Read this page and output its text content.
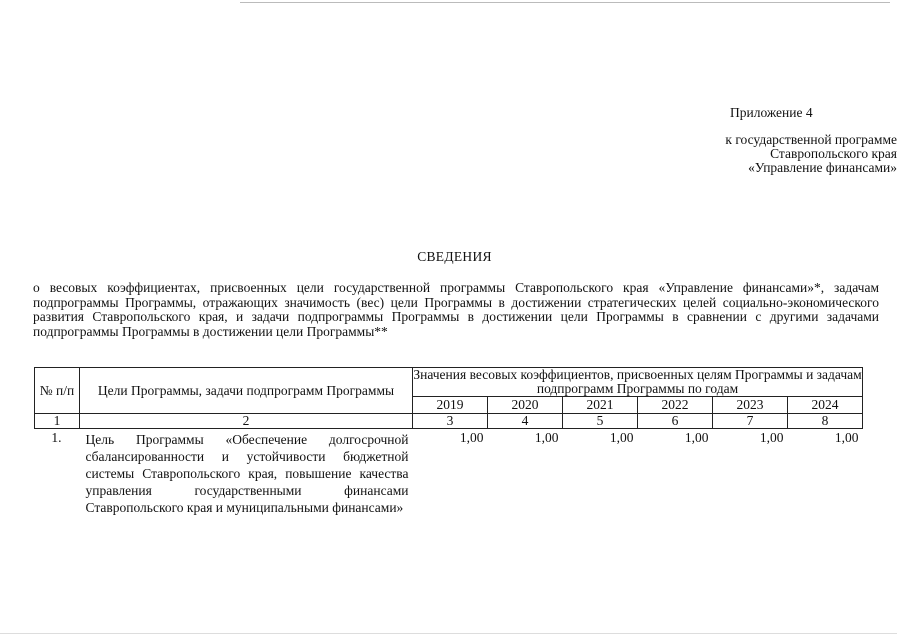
Приложение 4
к государственной программе
Ставропольского края
«Управление финансами»
СВЕДЕНИЯ
о весовых коэффициентах, присвоенных цели государственной программы Ставропольского края «Управление финансами»*, задачам подпрограммы Программы, отражающих значимость (вес) цели Программы в достижении стратегических целей социально-экономического развития Ставропольского края, и задачи подпрограммы Программы в достижении цели Программы в сравнении с другими задачами подпрограммы Программы в достижении цели Программы**
№ п/п	Цели Программы, задачи подпрограмм Программы	Значения весовых коэффициентов, присвоенных целям Программы и задачам подпрограмм Программы по годам					
		2019	2020	2021	2022	2023	2024
1	2	3	4	5	6	7	8
1.	Цель Программы «Обеспечение долгосрочной сбалансированности и устойчивости бюджетной системы Ставропольского края, повышение качества управления государственными финансами Ставропольского края и муниципальными финансами»	1,00	1,00	1,00	1,00	1,00	1,00
